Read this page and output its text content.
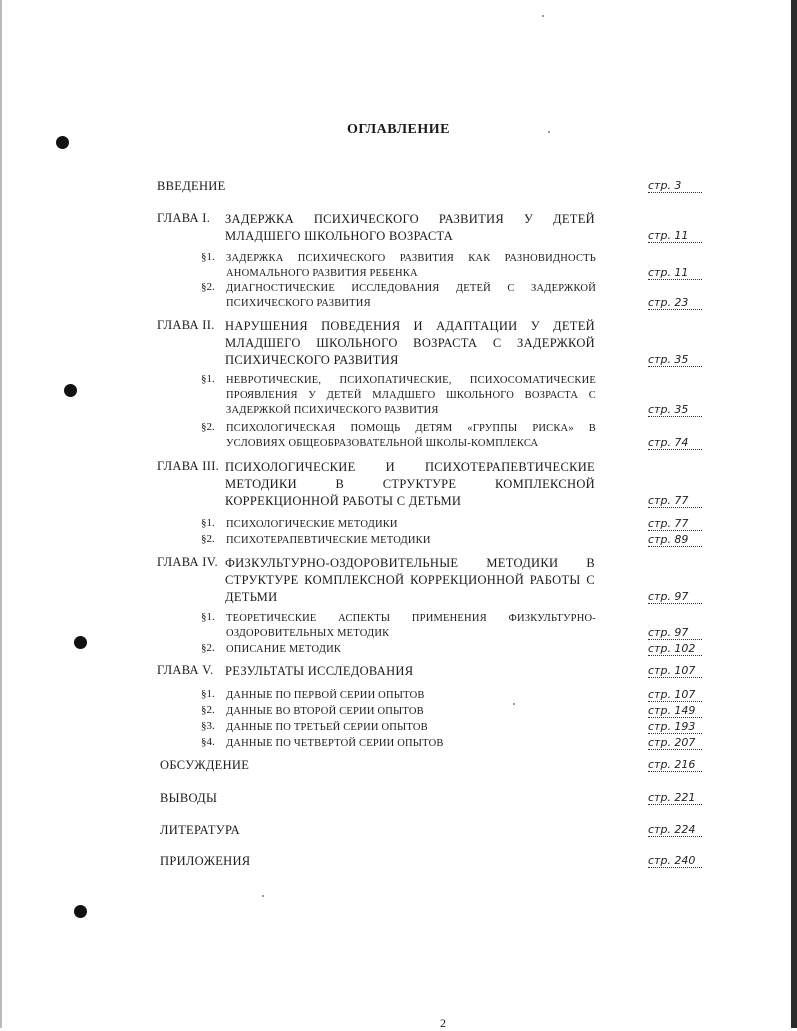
ОГЛАВЛЕНИЕ
ВВЕДЕНИЕ	стр. 3
ГЛАВА I. ЗАДЕРЖКА ПСИХИЧЕСКОГО РАЗВИТИЯ У ДЕТЕЙ
МЛАДШЕГО ШКОЛЬНОГО ВОЗРАСТА	стр. 11
§1. ЗАДЕРЖКА ПСИХИЧЕСКОГО РАЗВИТИЯ КАК РАЗНОВИДНОСТЬ
АНОМАЛЬНОГО РАЗВИТИЯ РЕБЕНКА	стр. 11
§2. ДИАГНОСТИЧЕСКИЕ ИССЛЕДОВАНИЯ ДЕТЕЙ С ЗАДЕРЖКОЙ
ПСИХИЧЕСКОГО РАЗВИТИЯ	стр. 23
ГЛАВА II. НАРУШЕНИЯ ПОВЕДЕНИЯ И АДАПТАЦИИ У ДЕТЕЙ
МЛАДШЕГО ШКОЛЬНОГО ВОЗРАСТА С ЗАДЕРЖКОЙ
ПСИХИЧЕСКОГО РАЗВИТИЯ	стр. 35
§1. НЕВРОТИЧЕСКИЕ, ПСИХОПАТИЧЕСКИЕ, ПСИХОСОМАТИЧЕСКИЕ
ПРОЯВЛЕНИЯ У ДЕТЕЙ МЛАДШЕГО ШКОЛЬНОГО ВОЗРАСТА С
ЗАДЕРЖКОЙ ПСИХИЧЕСКОГО РАЗВИТИЯ	стр. 35
§2. ПСИХОЛОГИЧЕСКАЯ ПОМОЩЬ ДЕТЯМ «ГРУППЫ РИСКА» В
УСЛОВИЯХ ОБЩЕОБРАЗОВАТЕЛЬНОЙ ШКОЛЫ-КОМПЛЕКСА	стр. 74
ГЛАВА III. ПСИХОЛОГИЧЕСКИЕ И ПСИХОТЕРАПЕВТИЧЕСКИЕ
МЕТОДИКИ В СТРУКТУРЕ КОМПЛЕКСНОЙ
КОРРЕКЦИОННОЙ РАБОТЫ С ДЕТЬМИ	стр. 77
§1. ПСИХОЛОГИЧЕСКИЕ МЕТОДИКИ	стр. 77
§2. ПСИХОТЕРАПЕВТИЧЕСКИЕ МЕТОДИКИ	стр. 89
ГЛАВА IV. ФИЗКУЛЬТУРНО-ОЗДОРОВИТЕЛЬНЫЕ МЕТОДИКИ В
СТРУКТУРЕ КОМПЛЕКСНОЙ КОРРЕКЦИОННОЙ РАБОТЫ С
ДЕТЬМИ	стр. 97
§1. ТЕОРЕТИЧЕСКИЕ АСПЕКТЫ ПРИМЕНЕНИЯ ФИЗКУЛЬТУРНО-
ОЗДОРОВИТЕЛЬНЫХ МЕТОДИК	стр. 97
§2. ОПИСАНИЕ МЕТОДИК	стр. 102
ГЛАВА V. РЕЗУЛЬТАТЫ ИССЛЕДОВАНИЯ	стр. 107
§1. ДАННЫЕ ПО ПЕРВОЙ СЕРИИ ОПЫТОВ	стр. 107
§2. ДАННЫЕ ВО ВТОРОЙ СЕРИИ ОПЫТОВ	стр. 149
§3. ДАННЫЕ ПО ТРЕТЬЕЙ СЕРИИ ОПЫТОВ	стр. 193
§4. ДАННЫЕ ПО ЧЕТВЕРТОЙ СЕРИИ ОПЫТОВ	стр. 207
ОБСУЖДЕНИЕ	стр. 216
ВЫВОДЫ	стр. 221
ЛИТЕРАТУРА	стр. 224
ПРИЛОЖЕНИЯ	стр. 240
2
